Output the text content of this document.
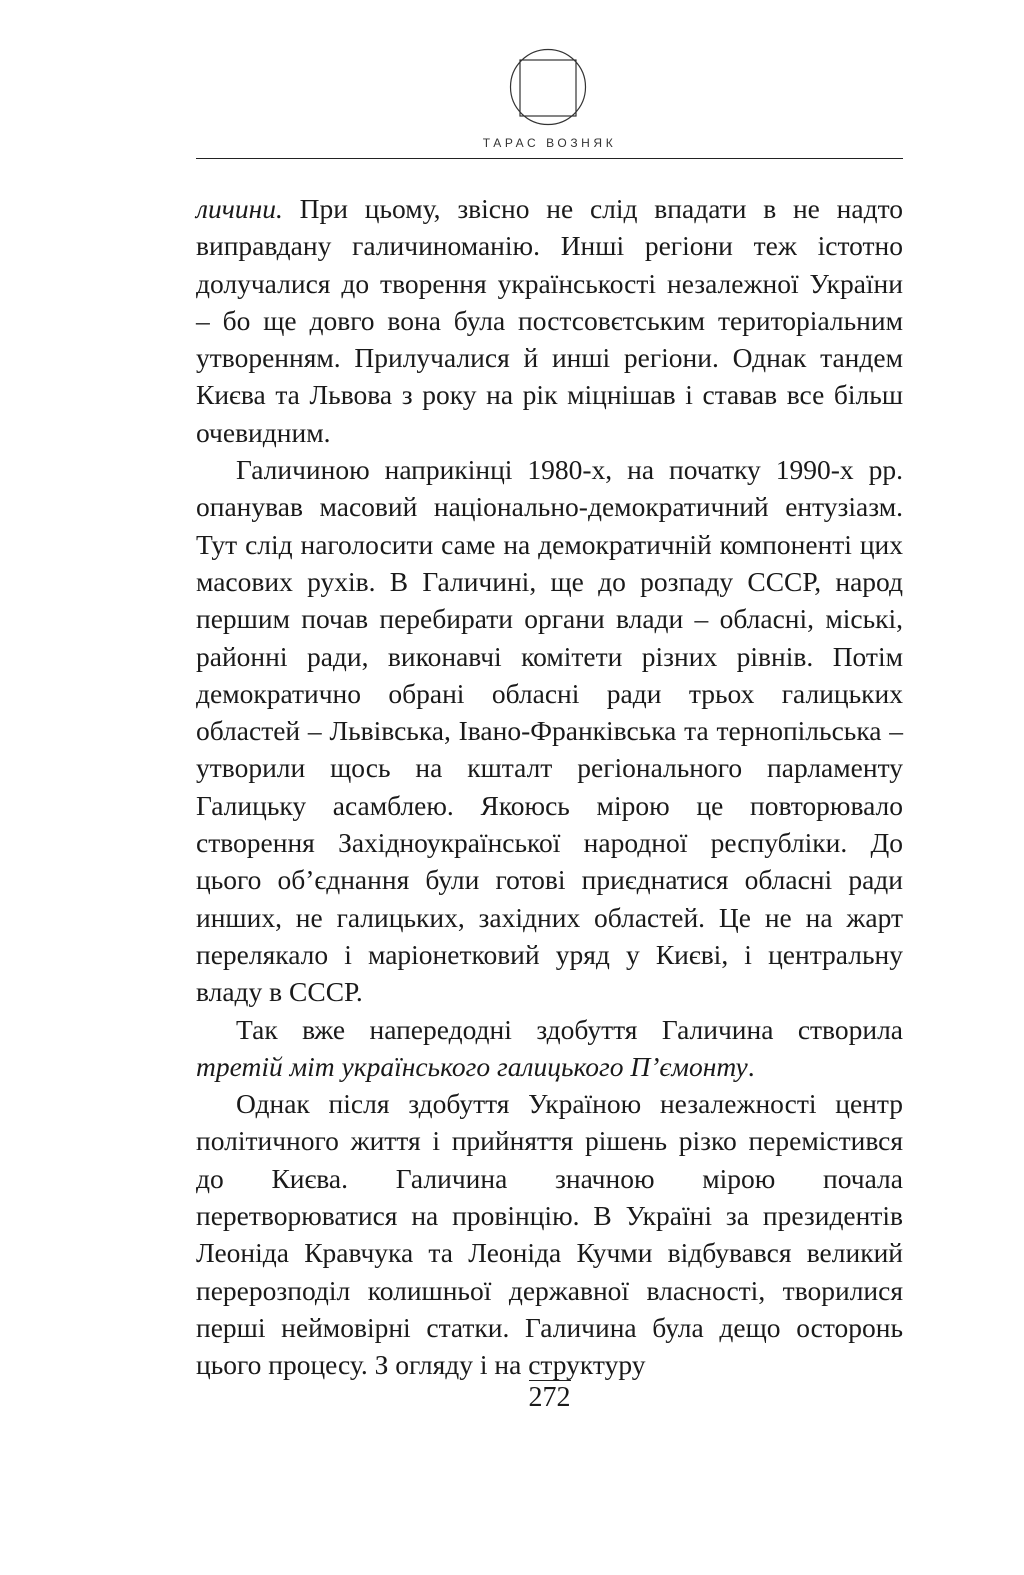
ТАРАС ВОЗНЯК

личини. При цьому, звісно не слід впадати в не надто виправдану галичиноманію. Инші регіони теж істотно долучалися до творення українськості незалежної України – бо ще довго вона була постсовєтським територіальним утворенням. Прилучалися й инші регіони. Однак тандем Києва та Львова з року на рік міцнішав і ставав все більш очевидним.

Галичиною наприкінці 1980-х, на початку 1990-х рр. опанував масовий національно-демократичний ентузіазм. Тут слід наголосити саме на демократичній компоненті цих масових рухів. В Галичині, ще до розпаду СССР, народ першим почав перебирати органи влади – обласні, міські, районні ради, виконавчі комітети різних рівнів. Потім демократично обрані обласні ради трьох галицьких областей – Львівська, Івано-Франківська та тернопільська – утворили щось на кшталт регіонального парламенту Галицьку асамблею. Якоюсь мірою це повторювало створення Західноукраїнської народної республіки. До цього об’єднання були готові приєднатися обласні ради инших, не галицьких, західних областей. Це не на жарт перелякало і маріонетковий уряд у Києві, і центральну владу в СССР.

Так вже напередодні здобуття Галичина створила третій міт українського галицького П’ємонту.

Однак після здобуття Україною незалежності центр політичного життя і прийняття рішень різко перемістився до Києва. Галичина значною мірою почала перетворюватися на провінцію. В Україні за президентів Леоніда Кравчука та Леоніда Кучми відбувався великий перерозподіл колишньої державної власності, творилися перші неймовірні статки. Галичина була дещо осторонь цього процесу. З огляду і на структуру

272
